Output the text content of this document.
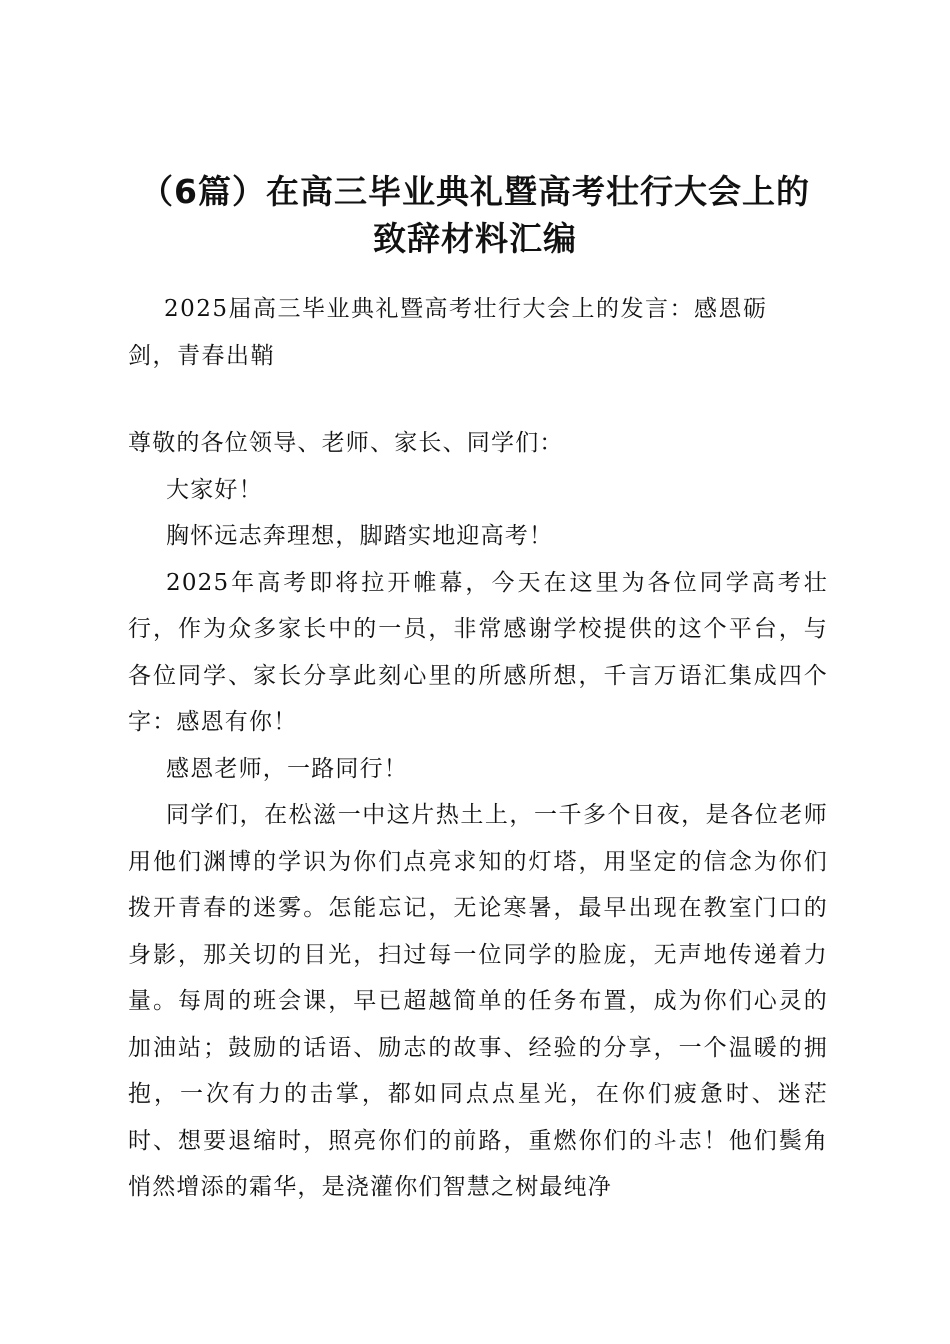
（6篇）在高三毕业典礼暨高考壮行大会上的
致辞材料汇编

2025届高三毕业典礼暨高考壮行大会上的发言：感恩砺剑，青春出鞘

尊敬的各位领导、老师、家长、同学们：

大家好！

胸怀远志奔理想，脚踏实地迎高考！

2025年高考即将拉开帷幕，今天在这里为各位同学高考壮行，作为众多家长中的一员，非常感谢学校提供的这个平台，与各位同学、家长分享此刻心里的所感所想，千言万语汇集成四个字：感恩有你！

感恩老师，一路同行！

同学们，在松滋一中这片热土上，一千多个日夜，是各位老师用他们渊博的学识为你们点亮求知的灯塔，用坚定的信念为你们拨开青春的迷雾。怎能忘记，无论寒暑，最早出现在教室门口的身影，那关切的目光，扫过每一位同学的脸庞，无声地传递着力量。每周的班会课，早已超越简单的任务布置，成为你们心灵的加油站；鼓励的话语、励志的故事、经验的分享，一个温暖的拥抱，一次有力的击掌，都如同点点星光，在你们疲惫时、迷茫时、想要退缩时，照亮你们的前路，重燃你们的斗志！他们鬓角悄然增添的霜华，是浇灌你们智慧之树最纯净
